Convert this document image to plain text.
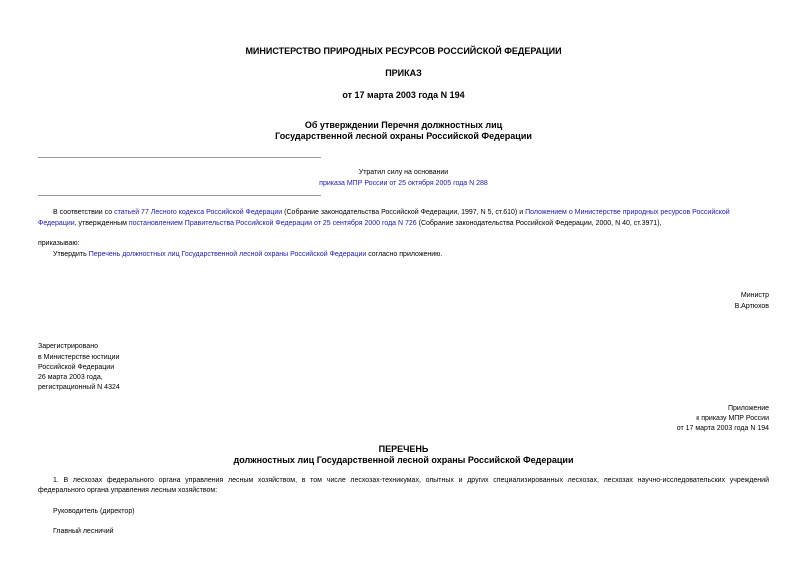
МИНИСТЕРСТВО ПРИРОДНЫХ РЕСУРСОВ РОССИЙСКОЙ ФЕДЕРАЦИИ
ПРИКАЗ
от 17 марта 2003 года N 194
Об утверждении Перечня должностных лиц
Государственной лесной охраны Российской Федерации
Утратил силу на основании
приказа МПР России от 25 октября 2005 года N 288
В соответствии со статьей 77 Лесного кодекса Российской Федерации (Собрание законодательства Российской Федерации, 1997, N 5, ст.610) и Положением о Министерстве природных ресурсов Российской
Федерации, утвержденным постановлением Правительства Российской Федерации от 25 сентября 2000 года N 726 (Собрание законодательства Российской Федерации, 2000, N 40, ст.3971),
приказываю:
Утвердить Перечень должностных лиц Государственной лесной охраны Российской Федерации согласно приложению.
Министр
В.Артюхов
Зарегистрировано
в Министерстве юстиции
Российской Федерации
26 марта 2003 года,
регистрационный N 4324
Приложение
к приказу МПР России
от 17 марта 2003 года N 194
ПЕРЕЧЕНЬ
должностных лиц Государственной лесной охраны Российской Федерации
1. В лесхозах федерального органа управления лесным хозяйством, в том числе лесхозах-техникумах, опытных и других специализированных лесхозах, лесхозах научно-исследовательских учреждений
федерального органа управления лесным хозяйством:
Руководитель (директор)
Главный лесничий
